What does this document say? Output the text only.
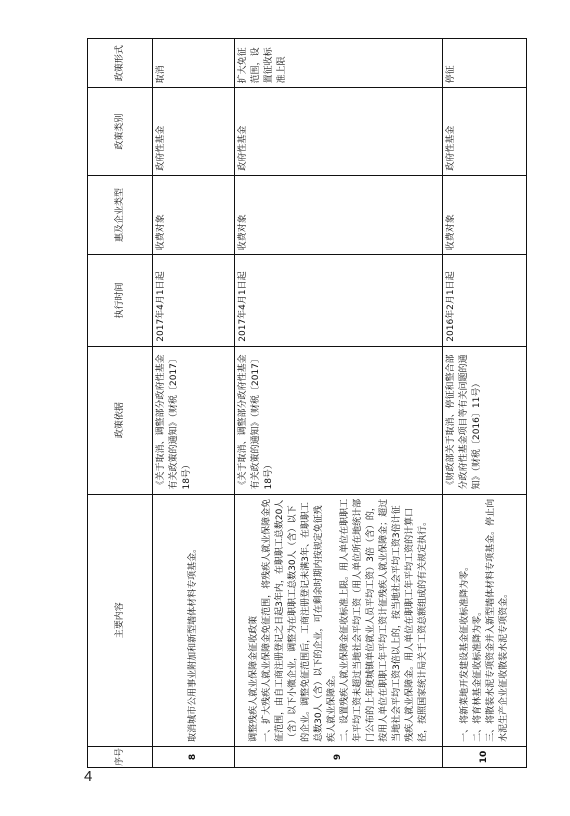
序号	主要内容	政策依据	执行时间	惠及企业类型	政策类别	政策形式
8	取消城市公用事业附加和新型墙体材料专项基金。	《关于取消、调整部分政府性基金有关政策的通知》（财税〔2017〕18号）	2017年4月1日起	收费对象	政府性基金	取消
9	调整残疾人就业保障金征收政策 一、扩大残疾人就业保障金免征范围，将残疾人就业保障金免征范围，由自工商注册登记之日起3年内，在职职工总数20人（含）以下小微企业，调整为在职职工总数30人（含）以下的企业。调整免征范围后，工商注册登记未满3年、在职职工总数30人（含）以下的企业，可在剩余时期内按规定免征残疾人就业保障金。 二、设置残疾人就业保障金征收标准上限。用人单位在职职工年平均工资未超过当地社会平均工资（用人单位所在地统计部门公布的上年度城镇单位就业人员平均工资）3倍（含）的，按用人单位在职职工年平均工资计征残疾人就业保障金；超过当地社会平均工资3倍以上的，按当地社会平均工资3倍计征残疾人就业保障金。用人单位在职职工年平均工资的计算口径，按照国家统计局关于工资总额组成的有关规定执行。	《关于取消、调整部分政府性基金有关政策的通知》（财税〔2017〕18号）	2017年4月1日起	收费对象	政府性基金	扩大免征范围，设置征收标准上限
10	一、将新菜地开发建设基金征收标准降为零。 二、将育林基金征收标准降为零。 三、将散装水泥专项资金并入新型墙体材料专项基金。停止向水泥生产企业征收散装水泥专项资金。	《财政部关于取消、停征和整合部分政府性基金项目等有关问题的通知》（财税〔2016〕11号）	2016年2月1日起	收费对象	政府性基金	停征
4
